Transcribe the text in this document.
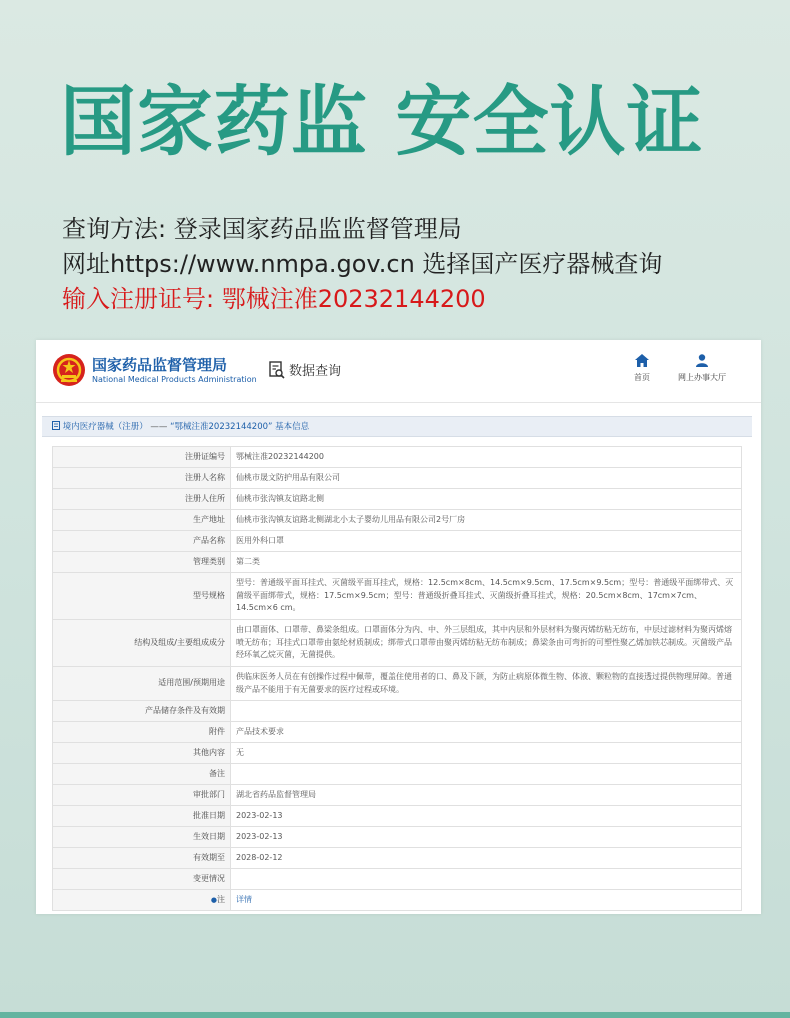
国家药监 安全认证
查询方法: 登录国家药品监监督管理局
网址https://www.nmpa.gov.cn 选择国产医疗器械查询
输入注册证号: 鄂械注准20232144200
国家药品监督管理局
National Medical Products Administration
数据查询	首页	网上办事大厅
境内医疗器械（注册） —— “鄂械注准20232144200” 基本信息
注册证编号	鄂械注准20232144200
注册人名称	仙桃市晟文防护用品有限公司
注册人住所	仙桃市张沟镇友谊路北侧
生产地址	仙桃市张沟镇友谊路北侧湖北小太子婴幼儿用品有限公司2号厂房
产品名称	医用外科口罩
管理类别	第二类
型号规格	型号：普通级平面耳挂式、灭菌级平面耳挂式，规格：12.5cm×8cm、14.5cm×9.5cm、17.5cm×9.5cm；型号：普通级平面绑带式、灭菌级平面绑带式，规格：17.5cm×9.5cm；型号：普通级折叠耳挂式、灭菌级折叠耳挂式，规格：20.5cm×8cm、17cm×7cm、14.5cm×6 cm。
结构及组成/主要组成成分	由口罩面体、口罩带、鼻梁条组成。口罩面体分为内、中、外三层组成，其中内层和外层材料为聚丙烯纺粘无纺布，中层过滤材料为聚丙烯熔喷无纺布；耳挂式口罩带由氨纶材质制成；绑带式口罩带由聚丙烯纺粘无纺布制成；鼻梁条由可弯折的可塑性聚乙烯加铁芯制成。灭菌级产品经环氧乙烷灭菌，无菌提供。
适用范围/预期用途	供临床医务人员在有创操作过程中佩带，覆盖住使用者的口、鼻及下颌，为防止病原体微生物、体液、颗粒物的直接透过提供物理屏障。普通级产品不能用于有无菌要求的医疗过程或环境。
产品储存条件及有效期	
附件	产品技术要求
其他内容	无
备注	
审批部门	湖北省药品监督管理局
批准日期	2023-02-13
生效日期	2023-02-13
有效期至	2028-02-12
变更情况	
●注	详情
